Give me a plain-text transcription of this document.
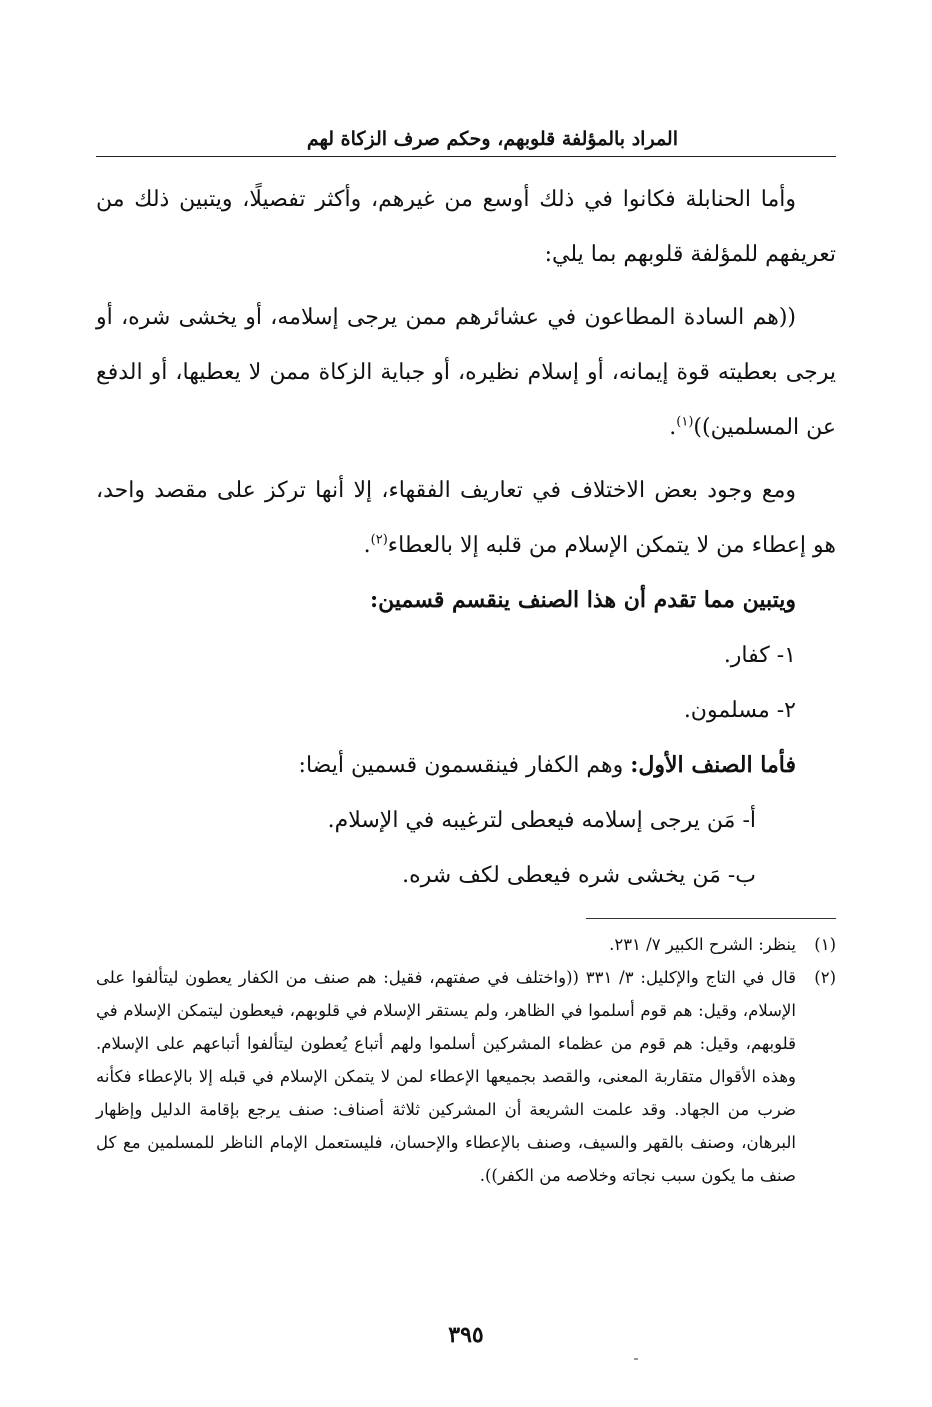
المراد بالمؤلفة قلوبهم، وحكم صرف الزكاة لهم

وأما الحنابلة فكانوا في ذلك أوسع من غيرهم، وأكثر تفصيلًا، ويتبين ذلك من تعريفهم للمؤلفة قلوبهم بما يلي:

((هم السادة المطاعون في عشائرهم ممن يرجى إسلامه، أو يخشى شره، أو يرجى بعطيته قوة إيمانه، أو إسلام نظيره، أو جباية الزكاة ممن لا يعطيها، أو الدفع عن المسلمين))$^{(١)}$.

ومع وجود بعض الاختلاف في تعاريف الفقهاء، إلا أنها تركز على مقصد واحد، هو إعطاء من لا يتمكن الإسلام من قلبه إلا بالعطاء$^{(٢)}$.

ويتبين مما تقدم أن هذا الصنف ينقسم قسمين:

١- كفار.

٢- مسلمون.

فأما الصنف الأول: وهم الكفار فينقسمون قسمين أيضا:

أ- مَن يرجى إسلامه فيعطى لترغيبه في الإسلام.

ب- مَن يخشى شره فيعطى لكف شره.

(١)
ينظر: الشرح الكبير ٧/ ٢٣١.

(٢)
قال في التاج والإكليل: ٣/ ٣٣١ ((واختلف في صفتهم، فقيل: هم صنف من الكفار يعطون ليتألفوا على الإسلام، وقيل: هم قوم أسلموا في الظاهر، ولم يستقر الإسلام في قلوبهم، فيعطون ليتمكن الإسلام في قلوبهم، وقيل: هم قوم من عظماء المشركين أسلموا ولهم أتباع يُعطون ليتألفوا أتباعهم على الإسلام. وهذه الأقوال متقاربة المعنى، والقصد بجميعها الإعطاء لمن لا يتمكن الإسلام في قبله إلا بالإعطاء فكأنه ضرب من الجهاد. وقد علمت الشريعة أن المشركين ثلاثة أصناف: صنف يرجع بإقامة الدليل وإظهار البرهان، وصنف بالقهر والسيف، وصنف بالإعطاء والإحسان، فليستعمل الإمام الناظر للمسلمين مع كل صنف ما يكون سبب نجاته وخلاصه من الكفر)).

٣٩٥
